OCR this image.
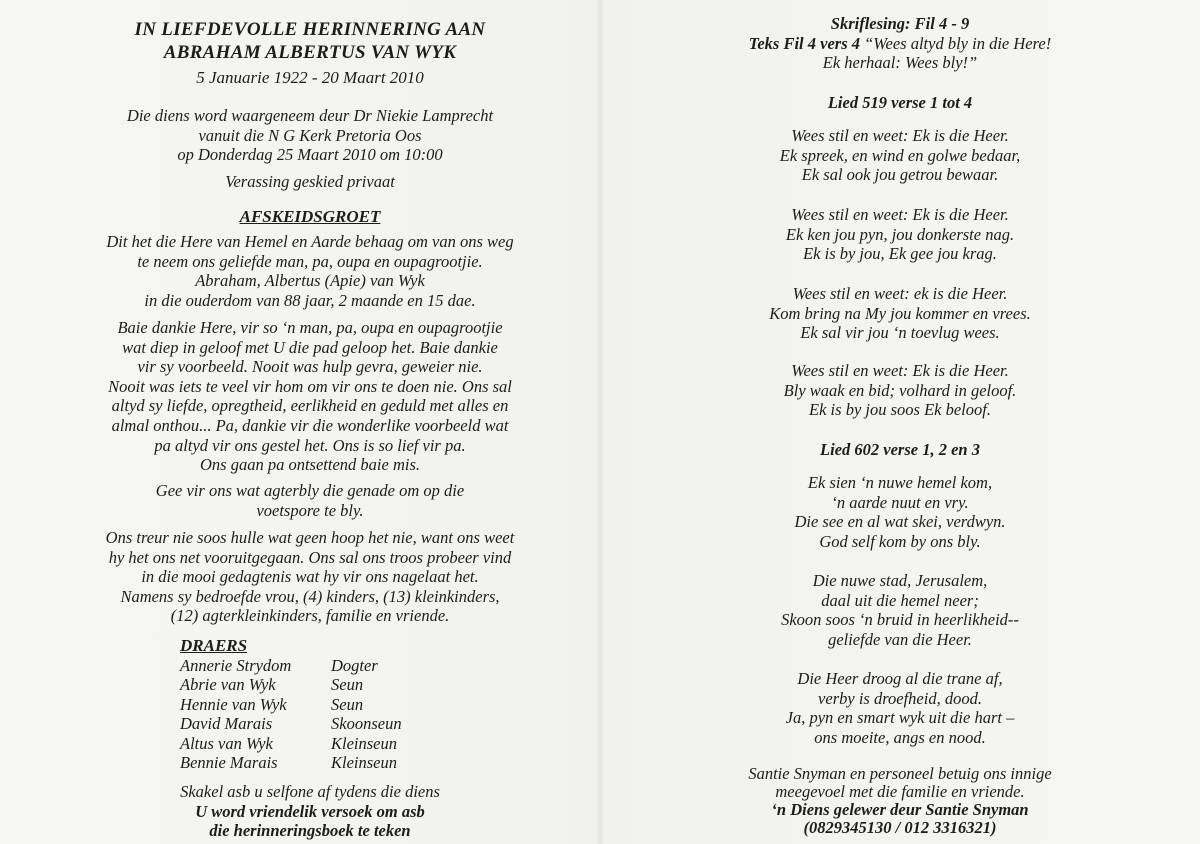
IN LIEFDEVOLLE HERINNERING AAN
ABRAHAM ALBERTUS VAN WYK
5 Januarie 1922 - 20 Maart 2010
Die diens word waargeneem deur Dr Niekie Lamprecht
vanuit die N G Kerk Pretoria Oos
op Donderdag 25 Maart 2010 om 10:00
Verassing geskied privaat
AFSKEIDSGROET
Dit het die Here van Hemel en Aarde behaag om van ons weg
te neem ons geliefde man, pa, oupa en oupagrootjie.
Abraham, Albertus (Apie) van Wyk
in die ouderdom van 88 jaar, 2 maande en 15 dae.
Baie dankie Here, vir so ‘n man, pa, oupa en oupagrootjie
wat diep in geloof met U die pad geloop het. Baie dankie
vir sy voorbeeld. Nooit was hulp gevra, geweier nie.
Nooit was iets te veel vir hom om vir ons te doen nie. Ons sal
altyd sy liefde, opregtheid, eerlikheid en geduld met alles en
almal onthou... Pa, dankie vir die wonderlike voorbeeld wat
pa altyd vir ons gestel het. Ons is so lief vir pa.
Ons gaan pa ontsettend baie mis.
Gee vir ons wat agterbly die genade om op die
voetspore te bly.
Ons treur nie soos hulle wat geen hoop het nie, want ons weet
hy het ons net vooruitgegaan. Ons sal ons troos probeer vind
in die mooi gedagtenis wat hy vir ons nagelaat het.
Namens sy bedroefde vrou, (4) kinders, (13) kleinkinders,
(12) agterkleinkinders, familie en vriende.
DRAERS
Annerie Strydom	Dogter
Abrie van Wyk	Seun
Hennie van Wyk	Seun
David Marais	Skoonseun
Altus van Wyk	Kleinseun
Bennie Marais	Kleinseun
Skakel asb u selfone af tydens die diens
U word vriendelik versoek om asb
die herinneringsboek te teken
Skriflesing: Fil 4 - 9
Teks Fil 4 vers 4 “Wees altyd bly in die Here!
Ek herhaal: Wees bly!”
Lied 519 verse 1 tot 4
Wees stil en weet: Ek is die Heer.
Ek spreek, en wind en golwe bedaar,
Ek sal ook jou getrou bewaar.
Wees stil en weet: Ek is die Heer.
Ek ken jou pyn, jou donkerste nag.
Ek is by jou, Ek gee jou krag.
Wees stil en weet: ek is die Heer.
Kom bring na My jou kommer en vrees.
Ek sal vir jou ‘n toevlug wees.
Wees stil en weet: Ek is die Heer.
Bly waak en bid; volhard in geloof.
Ek is by jou soos Ek beloof.
Lied 602 verse 1, 2 en 3
Ek sien ‘n nuwe hemel kom,
‘n aarde nuut en vry.
Die see en al wat skei, verdwyn.
God self kom by ons bly.
Die nuwe stad, Jerusalem,
daal uit die hemel neer;
Skoon soos ‘n bruid in heerlikheid--
geliefde van die Heer.
Die Heer droog al die trane af,
verby is droefheid, dood.
Ja, pyn en smart wyk uit die hart –
ons moeite, angs en nood.
Santie Snyman en personeel betuig ons innige
meegevoel met die familie en vriende.
‘n Diens gelewer deur Santie Snyman
(0829345130 / 012 3316321)
